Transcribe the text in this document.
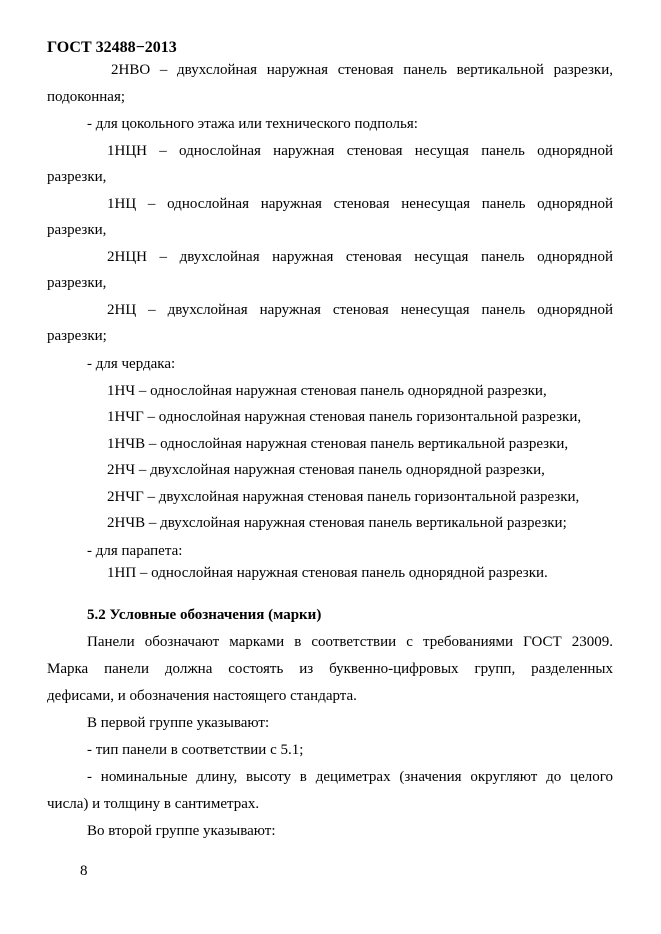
ГОСТ 32488−2013
2НВО – двухслойная наружная стеновая панель вертикальной разрезки,
подоконная;
- для цокольного этажа или технического подполья:
1НЦН – однослойная наружная стеновая несущая панель однорядной
разрезки,
1НЦ – однослойная наружная стеновая ненесущая панель однорядной
разрезки,
2НЦН – двухслойная наружная стеновая несущая панель однорядной
разрезки,
2НЦ – двухслойная наружная стеновая ненесущая панель однорядной
разрезки;
- для чердака:
1НЧ – однослойная наружная стеновая панель однорядной разрезки,
1НЧГ – однослойная наружная стеновая панель горизонтальной разрезки,
1НЧВ – однослойная наружная стеновая панель вертикальной разрезки,
2НЧ – двухслойная наружная стеновая панель однорядной разрезки,
2НЧГ – двухслойная наружная стеновая панель горизонтальной разрезки,
2НЧВ – двухслойная наружная стеновая панель вертикальной разрезки;
- для парапета:
1НП – однослойная наружная стеновая панель однорядной разрезки.
5.2 Условные обозначения (марки)
Панели обозначают марками в соответствии с требованиями ГОСТ 23009.
Марка панели должна состоять из буквенно-цифровых групп, разделенных
дефисами, и обозначения настоящего стандарта.
В первой группе указывают:
- тип панели в соответствии с 5.1;
- номинальные длину, высоту в дециметрах (значения округляют до целого
числа) и толщину в сантиметрах.
Во второй группе указывают:
8
